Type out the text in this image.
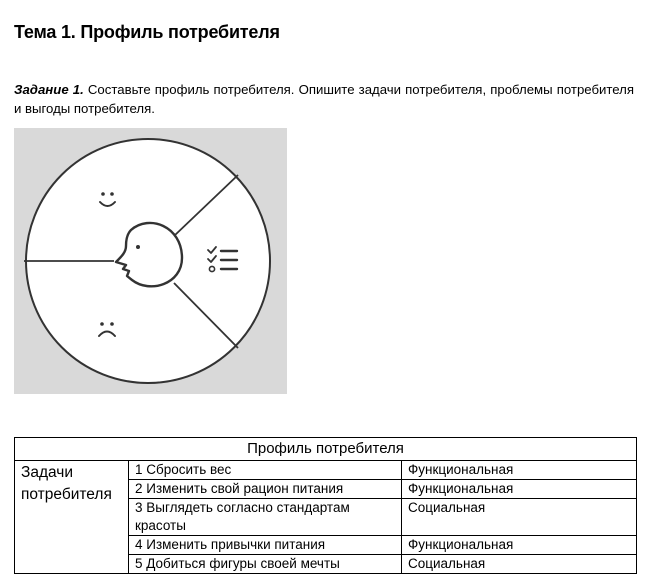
Тема 1. Профиль потребителя
Задание 1. Составьте профиль потребителя. Опишите задачи потребителя, проблемы потребителя и выгоды потребителя.
Профиль потребителя		
Задачи потребителя	1 Сбросить вес	Функциональная
	2 Изменить свой рацион питания	Функциональная
	3 Выглядеть согласно стандартам красоты	Социальная
	4 Изменить привычки питания	Функциональная
	5 Добиться фигуры своей мечты	Социальная
